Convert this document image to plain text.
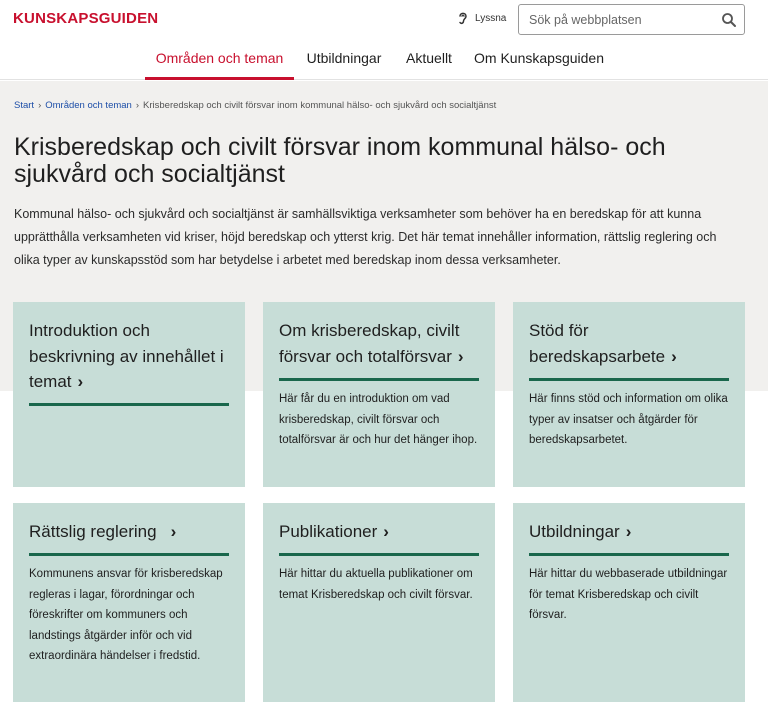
KUNSKAPSGUIDEN	Lyssna
Sök på webbplatsen
Områden och teman	Utbildningar	Aktuellt	Om Kunskapsguiden
Start › Områden och teman › Krisberedskap och civilt försvar inom kommunal hälso- och sjukvård och socialtjänst
Krisberedskap och civilt försvar inom kommunal hälso- och sjukvård och socialtjänst

Kommunal hälso- och sjukvård och socialtjänst är samhällsviktiga verksamheter som behöver ha en beredskap för att kunna upprätthålla verksamheten vid kriser, höjd beredskap och ytterst krig. Det här temat innehåller information, rättslig reglering och olika typer av kunskapsstöd som har betydelse i arbetet med beredskap inom dessa verksamheter.

Introduktion och beskrivning av innehållet i temat ›
Om krisberedskap, civilt försvar och totalförsvar ›
Här får du en introduktion om vad krisberedskap, civilt försvar och totalförsvar är och hur det hänger ihop.
Stöd för beredskapsarbete ›
Här finns stöd och information om olika typer av insatser och åtgärder för beredskapsarbetet.
Rättslig reglering ›
Kommunens ansvar för krisberedskap regleras i lagar, förordningar och föreskrifter om kommuners och landstings åtgärder inför och vid extraordinära händelser i fredstid.
Publikationer ›
Här hittar du aktuella publikationer om temat Krisberedskap och civilt försvar.
Utbildningar ›
Här hittar du webbaserade utbildningar för temat Krisberedskap och civilt försvar.
